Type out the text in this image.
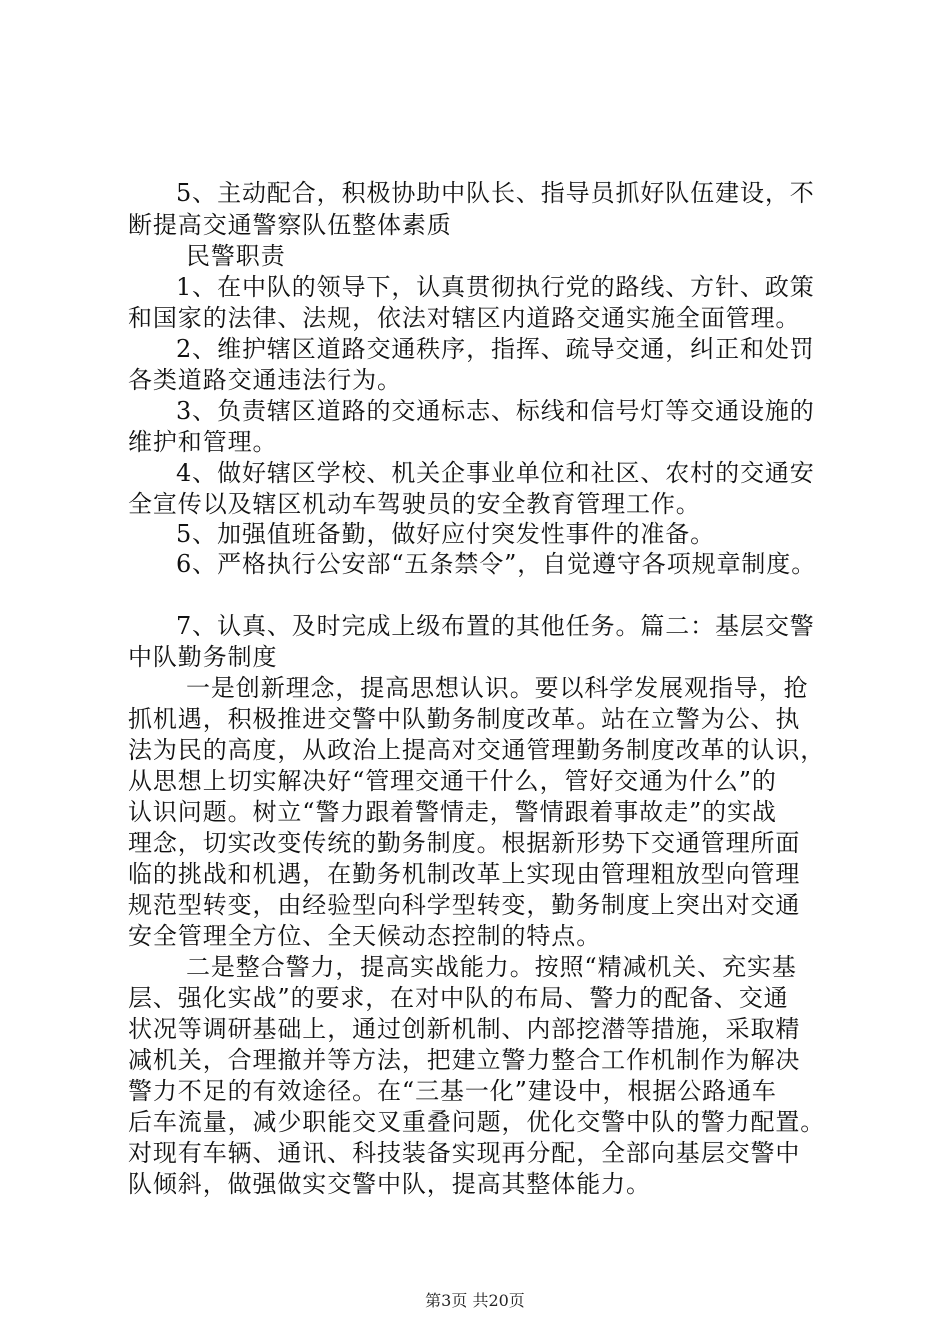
5、主动配合，积极协助中队长、指导员抓好队伍建设，不
断提高交通警察队伍整体素质
民警职责
1、在中队的领导下，认真贯彻执行党的路线、方针、政策
和国家的法律、法规，依法对辖区内道路交通实施全面管理。
2、维护辖区道路交通秩序，指挥、疏导交通，纠正和处罚
各类道路交通违法行为。
3、负责辖区道路的交通标志、标线和信号灯等交通设施的
维护和管理。
4、做好辖区学校、机关企事业单位和社区、农村的交通安
全宣传以及辖区机动车驾驶员的安全教育管理工作。
5、加强值班备勤，做好应付突发性事件的准备。
6、严格执行公安部“五条禁令”，自觉遵守各项规章制度。
7、认真、及时完成上级布置的其他任务。篇二：基层交警
中队勤务制度
一是创新理念，提高思想认识。要以科学发展观指导，抢
抓机遇，积极推进交警中队勤务制度改革。站在立警为公、执
法为民的高度，从政治上提高对交通管理勤务制度改革的认识，
从思想上切实解决好“管理交通干什么，管好交通为什么”的
认识问题。树立“警力跟着警情走，警情跟着事故走”的实战
理念，切实改变传统的勤务制度。根据新形势下交通管理所面
临的挑战和机遇，在勤务机制改革上实现由管理粗放型向管理
规范型转变，由经验型向科学型转变，勤务制度上突出对交通
安全管理全方位、全天候动态控制的特点。
二是整合警力，提高实战能力。按照“精减机关、充实基
层、强化实战”的要求，在对中队的布局、警力的配备、交通
状况等调研基础上，通过创新机制、内部挖潜等措施，采取精
减机关，合理撤并等方法，把建立警力整合工作机制作为解决
警力不足的有效途径。在“三基一化”建设中，根据公路通车
后车流量，减少职能交叉重叠问题，优化交警中队的警力配置。
对现有车辆、通讯、科技装备实现再分配，全部向基层交警中
队倾斜，做强做实交警中队，提高其整体能力。
第3页 共20页
